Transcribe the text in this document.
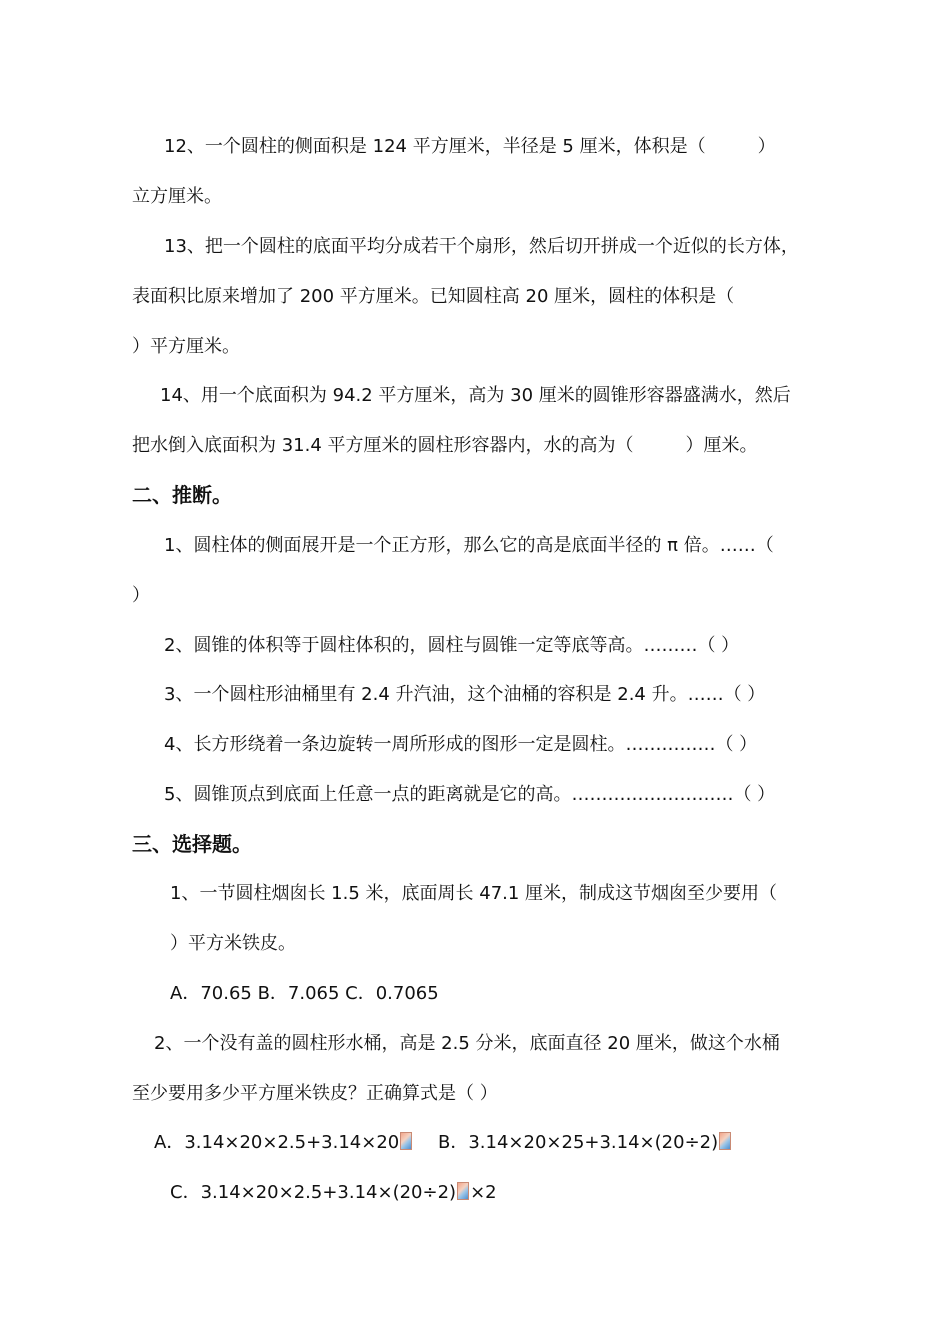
12、一个圆柱的侧面积是 124 平方厘米，半径是 5 厘米，体积是（	）
立方厘米。
13、把一个圆柱的底面平均分成若干个扇形，然后切开拼成一个近似的长方体，
表面积比原来增加了 200 平方厘米。已知圆柱高 20 厘米，圆柱的体积是（
）平方厘米。
14、用一个底面积为 94.2 平方厘米，高为 30 厘米的圆锥形容器盛满水，然后
把水倒入底面积为 31.4 平方厘米的圆柱形容器内，水的高为（	）厘米。
二、推断。
1、圆柱体的侧面展开是一个正方形，那么它的高是底面半径的 π 倍。……（
）
2、圆锥的体积等于圆柱体积的，圆柱与圆锥一定等底等高。………（ ）
3、一个圆柱形油桶里有 2.4 升汽油，这个油桶的容积是 2.4 升。……（ ）
4、长方形绕着一条边旋转一周所形成的图形一定是圆柱。……………（ ）
5、圆锥顶点到底面上任意一点的距离就是它的高。………………………（ ）
三、选择题。
1、一节圆柱烟囱长 1.5 米，底面周长 47.1 厘米，制成这节烟囱至少要用（
）平方米铁皮。
A．70.65 B．7.065 C．0.7065
2、一个没有盖的圆柱形水桶，高是 2.5 分米，底面直径 20 厘米，做这个水桶
至少要用多少平方厘米铁皮？正确算式是（ ）
A．3.14×20×2.5+3.14×20	B．3.14×20×25+3.14×(20÷2)
C．3.14×20×2.5+3.14×(20÷2) ×2
